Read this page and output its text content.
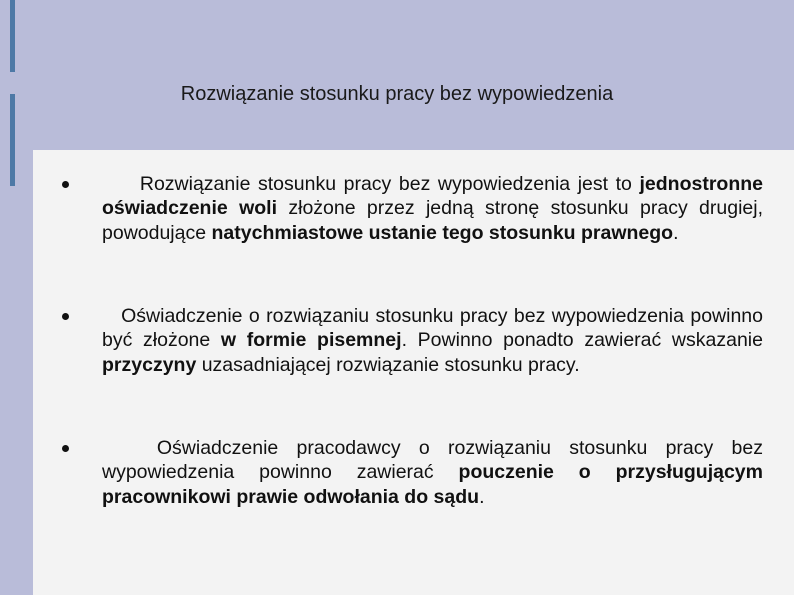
Rozwiązanie stosunku pracy bez wypowiedzenia
Rozwiązanie stosunku pracy bez wypowiedzenia jest to jednostronne oświadczenie woli złożone przez jedną stronę stosunku pracy drugiej, powodujące natychmiastowe ustanie tego stosunku prawnego.
Oświadczenie o rozwiązaniu stosunku pracy bez wypowiedzenia powinno być złożone w formie pisemnej. Powinno ponadto zawierać wskazanie przyczyny uzasadniającej rozwiązanie stosunku pracy.
Oświadczenie pracodawcy o rozwiązaniu stosunku pracy bez wypowiedzenia powinno zawierać pouczenie o przysługującym pracownikowi prawie odwołania do sądu.
